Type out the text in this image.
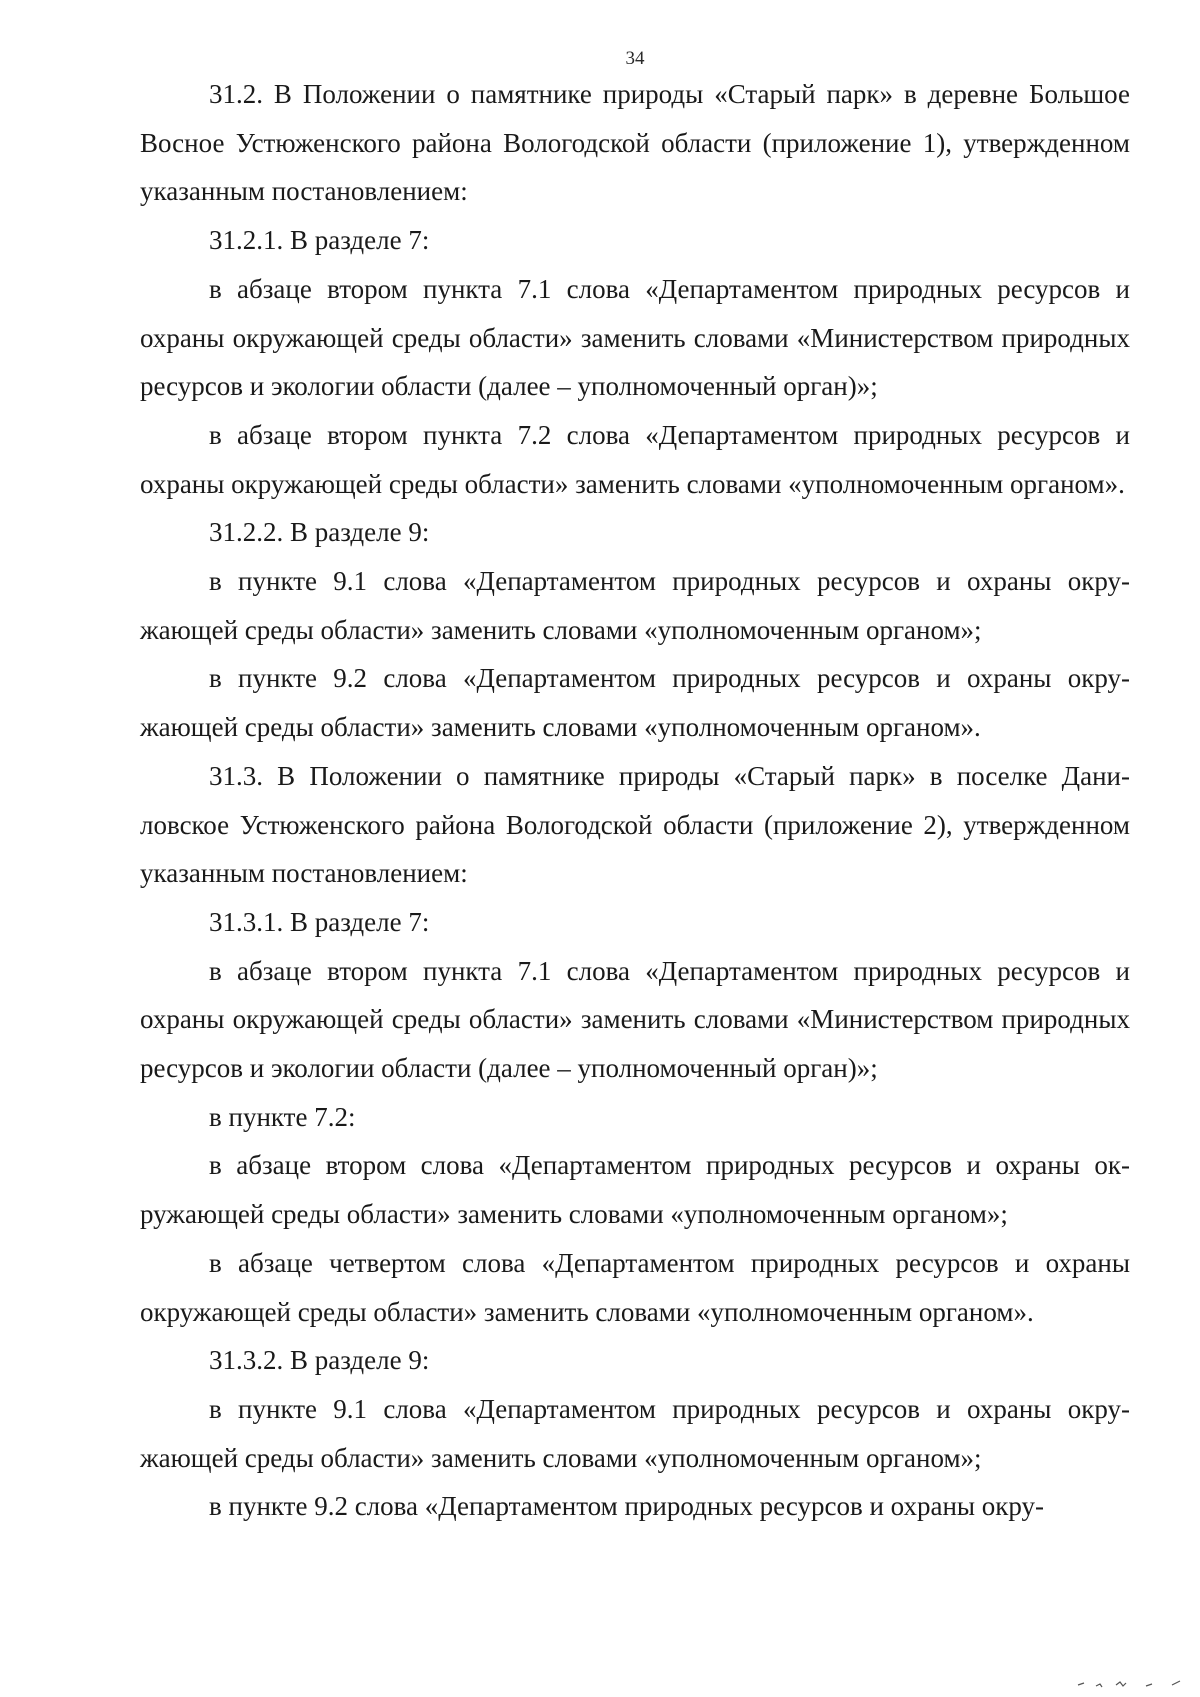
34

31.2. В Положении о памятнике природы «Старый парк» в деревне Большое Восное Устюженского района Вологодской области (приложение 1), утвержденном указанным постановлением:

31.2.1. В разделе 7:

в абзаце втором пункта 7.1 слова «Департаментом природных ресурсов и охраны окружающей среды области» заменить словами «Министерством природных ресурсов и экологии области (далее – уполномоченный орган)»;

в абзаце втором пункта 7.2 слова «Департаментом природных ресурсов и охраны окружающей среды области» заменить словами «уполномоченным органом».

31.2.2. В разделе 9:

в пункте 9.1 слова «Департаментом природных ресурсов и охраны окружающей среды области» заменить словами «уполномоченным органом»;

в пункте 9.2 слова «Департаментом природных ресурсов и охраны окружающей среды области» заменить словами «уполномоченным органом».

31.3. В Положении о памятнике природы «Старый парк» в поселке Даниловское Устюженского района Вологодской области (приложение 2), утвержденном указанным постановлением:

31.3.1. В разделе 7:

в абзаце втором пункта 7.1 слова «Департаментом природных ресурсов и охраны окружающей среды области» заменить словами «Министерством природных ресурсов и экологии области (далее – уполномоченный орган)»;

в пункте 7.2:

в абзаце втором слова «Департаментом природных ресурсов и охраны окружающей среды области» заменить словами «уполномоченным органом»;

в абзаце четвертом слова «Департаментом природных ресурсов и охраны окружающей среды области» заменить словами «уполномоченным органом».

31.3.2. В разделе 9:

в пункте 9.1 слова «Департаментом природных ресурсов и охраны окружающей среды области» заменить словами «уполномоченным органом»;

в пункте 9.2 слова «Департаментом природных ресурсов и охраны окру-
